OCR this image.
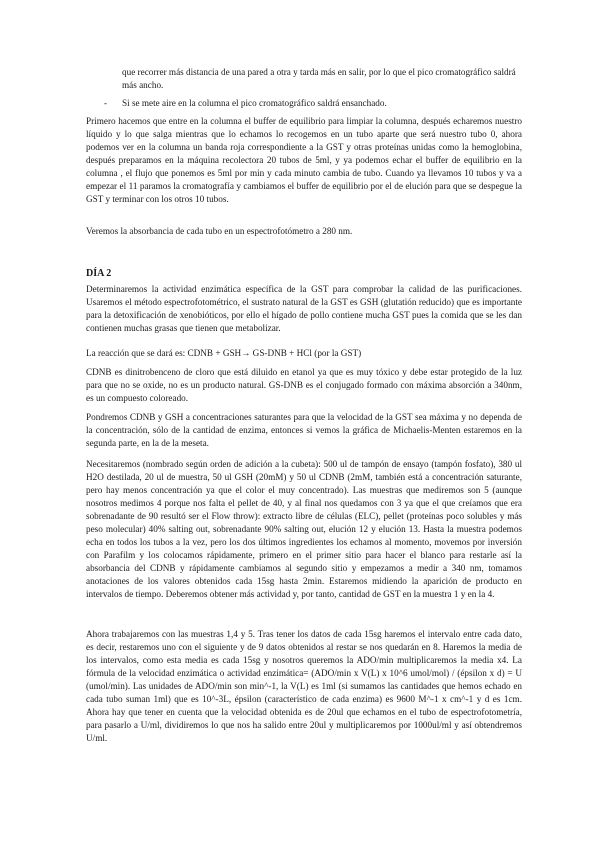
que recorrer más distancia de una pared a otra y tarda más en salir, por lo que el pico cromatográfico saldrá más ancho.
- Si se mete aire en la columna el pico cromatográfico saldrá ensanchado.
Primero hacemos que entre en la columna el buffer de equilibrio para limpiar la columna, después echaremos nuestro líquido y lo que salga mientras que lo echamos lo recogemos en un tubo aparte que será nuestro tubo 0, ahora podemos ver en la columna un banda roja correspondiente a la GST y otras proteínas unidas como la hemoglobina, después preparamos en la máquina recolectora 20 tubos de 5ml, y ya podemos echar el buffer de equilibrio en la columna , el flujo que ponemos es 5ml por min y cada minuto cambia de tubo. Cuando ya llevamos 10 tubos y va a empezar el 11 paramos la cromatografía y cambiamos el buffer de equilibrio por el de elución para que se despegue la GST y terminar con los otros 10 tubos.
Veremos la absorbancia de cada tubo en un espectrofotómetro a 280 nm.
DÍA 2
Determinaremos la actividad enzimática específica de la GST para comprobar la calidad de las purificaciones. Usaremos el método espectrofotométrico, el sustrato natural de la GST es GSH (glutatión reducido) que es importante para la detoxificación de xenobióticos, por ello el hígado de pollo contiene mucha GST pues la comida que se les dan contienen muchas grasas que tienen que metabolizar.
La reacción que se dará es: CDNB + GSH→ GS-DNB + HCl (por la GST)
CDNB es dinitrobenceno de cloro que está diluido en etanol ya que es muy tóxico y debe estar protegido de la luz para que no se oxide, no es un producto natural. GS-DNB es el conjugado formado con máxima absorción a 340nm, es un compuesto coloreado.
Pondremos CDNB y GSH a concentraciones saturantes para que la velocidad de la GST sea máxima y no dependa de la concentración, sólo de la cantidad de enzima, entonces si vemos la gráfica de Michaelis-Menten estaremos en la segunda parte, en la de la meseta.
Necesitaremos (nombrado según orden de adición a la cubeta): 500 ul de tampón de ensayo (tampón fosfato), 380 ul H2O destilada, 20 ul de muestra, 50 ul GSH (20mM) y 50 ul CDNB (2mM, también está a concentración saturante, pero hay menos concentración ya que el color el muy concentrado). Las muestras que mediremos son 5 (aunque nosotros medimos 4 porque nos falta el pellet de 40, y al final nos quedamos con 3 ya que el que creíamos que era sobrenadante de 90 resultó ser el Flow throw): extracto libre de células (ELC), pellet (proteínas poco solubles y más peso molecular) 40% salting out, sobrenadante 90% salting out, elución 12 y elución 13. Hasta la muestra podemos echa en todos los tubos a la vez, pero los dos últimos ingredientes los echamos al momento, movemos por inversión con Parafilm y los colocamos rápidamente, primero en el primer sitio para hacer el blanco para restarle así la absorbancia del CDNB y rápidamente cambiamos al segundo sitio y empezamos a medir a 340 nm, tomamos anotaciones de los valores obtenidos cada 15sg hasta 2min. Estaremos midiendo la aparición de producto en intervalos de tiempo. Deberemos obtener más actividad y, por tanto, cantidad de GST en la muestra 1 y en la 4.
Ahora trabajaremos con las muestras 1,4 y 5. Tras tener los datos de cada 15sg haremos el intervalo entre cada dato, es decir, restaremos uno con el siguiente y de 9 datos obtenidos al restar se nos quedarán en 8. Haremos la media de los intervalos, como esta media es cada 15sg y nosotros queremos la ADO/min multiplicaremos la media x4. La fórmula de la velocidad enzimática o actividad enzimática= (ADO/min x V(L) x 10^6 umol/mol) / (épsilon x d) = U (umol/min). Las unidades de ADO/min son min^-1, la V(L) es 1ml (si sumamos las cantidades que hemos echado en cada tubo suman 1ml) que es 10^-3L, épsilon (característico de cada enzima) es 9600 M^-1 x cm^-1 y d es 1cm. Ahora hay que tener en cuenta que la velocidad obtenida es de 20ul que echamos en el tubo de espectrofotometría, para pasarlo a U/ml, dividiremos lo que nos ha salido entre 20ul y multiplicaremos por 1000ul/ml y así obtendremos U/ml.
